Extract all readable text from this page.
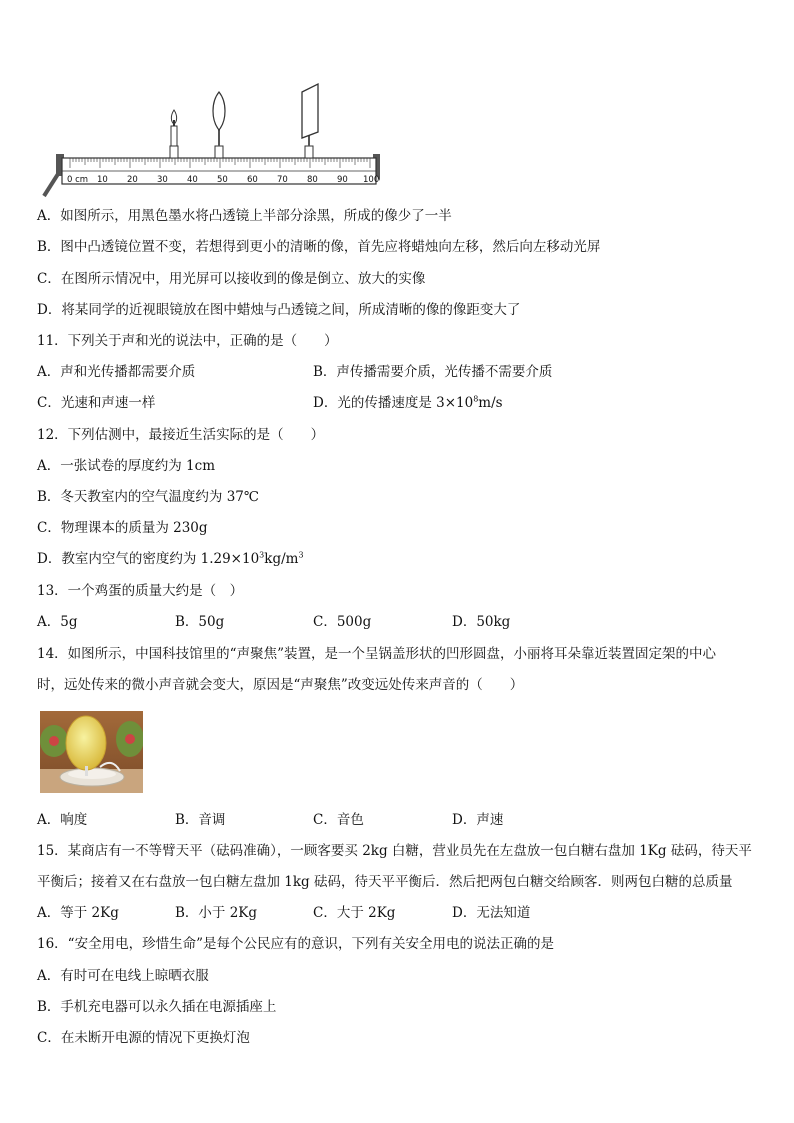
0 cm 10 20 30 40 50 60 70 80 90 100
A．如图所示，用黑色墨水将凸透镜上半部分涂黑，所成的像少了一半
B．图中凸透镜位置不变，若想得到更小的清晰的像，首先应将蜡烛向左移，然后向左移动光屏
C．在图所示情况中，用光屏可以接收到的像是倒立、放大的实像
D．将某同学的近视眼镜放在图中蜡烛与凸透镜之间，所成清晰的像的像距变大了
11．下列关于声和光的说法中，正确的是（　　）
A．声和光传播都需要介质	B．声传播需要介质，光传播不需要介质
C．光速和声速一样	D．光的传播速度是 $3\times 10^8m/s$
12．下列估测中，最接近生活实际的是（　　）
A．一张试卷的厚度约为 1cm
B．冬天教室内的空气温度约为 37℃
C．物理课本的质量为 230g
D．教室内空气的密度约为 $1.29\times 10^3kg/m^3$
13．一个鸡蛋的质量大约是（　）
A．5g	B．50g	C．500g	D．50kg
14．如图所示，中国科技馆里的“声聚焦”装置，是一个呈锅盖形状的凹形圆盘，小丽将耳朵靠近装置固定架的中心
时，远处传来的微小声音就会变大，原因是“声聚焦”改变远处传来声音的（　　）
A．响度	B．音调	C．音色	D．声速
15．某商店有一不等臂天平（砝码准确），一顾客要买 2kg 白糖，营业员先在左盘放一包白糖右盘加 1Kg 砝码，待天平
平衡后；接着又在右盘放一包白糖左盘加 1kg 砝码，待天平平衡后．然后把两包白糖交给顾客．则两包白糖的总质量
A．等于 2Kg	B．小于 2Kg	C．大于 2Kg	D．无法知道
16．“安全用电，珍惜生命”是每个公民应有的意识，下列有关安全用电的说法正确的是
A．有时可在电线上晾晒衣服
B．手机充电器可以永久插在电源插座上
C．在未断开电源的情况下更换灯泡
